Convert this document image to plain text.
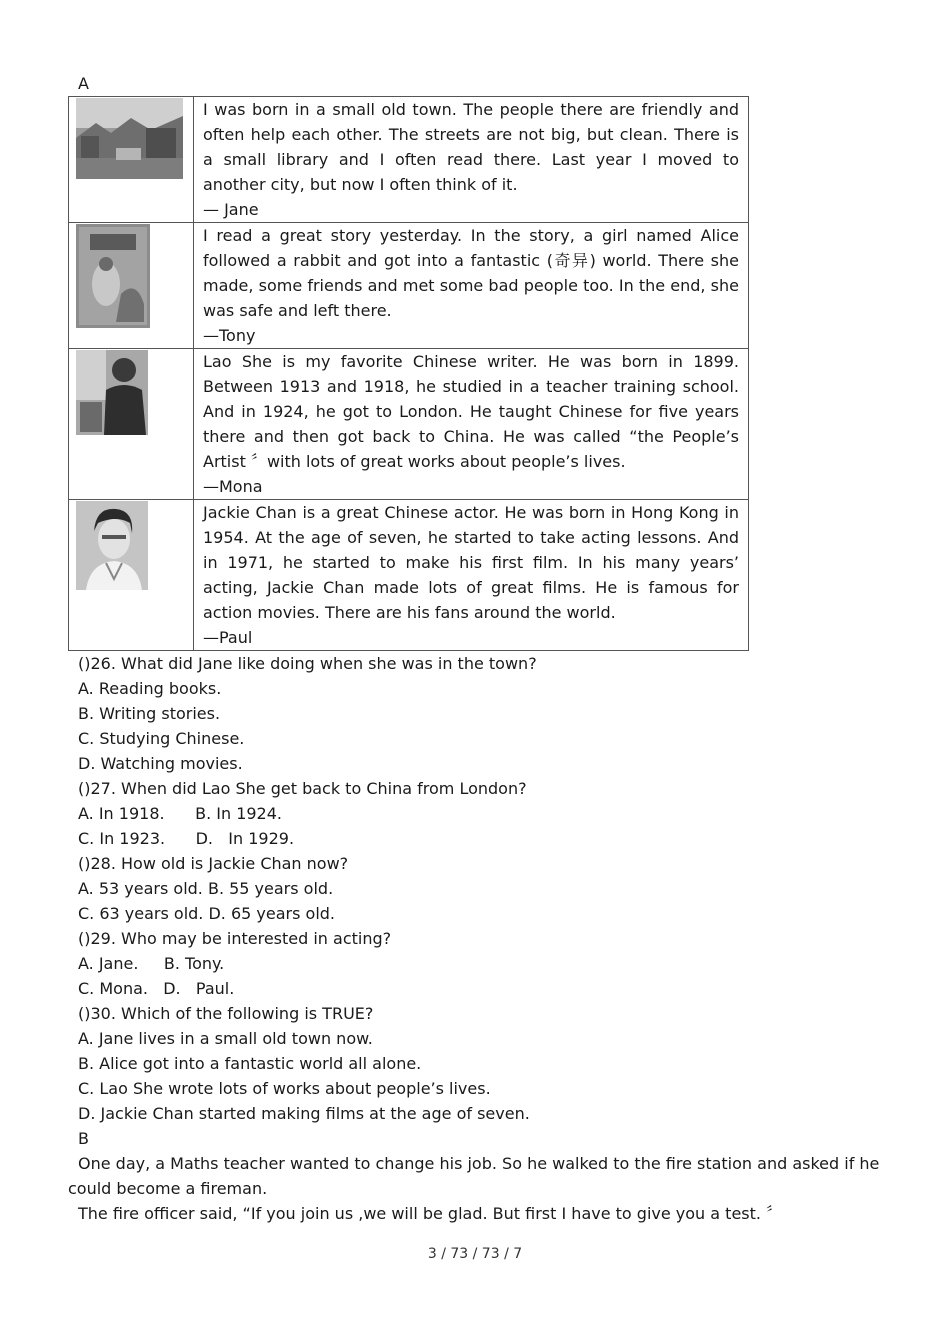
A

I was born in a small old town. The people there are friendly and often help each other. The streets are not big, but clean. There is a small library and I often read there. Last year I moved to another city, but now I often think of it.

— Jane

I read a great story yesterday. In the story, a girl named Alice followed a rabbit and got into a fantastic (奇异) world. There she made, some friends and met some bad people too. In the end, she was safe and left there.

—Tony

Lao She is my favorite Chinese writer. He was born in 1899. Between 1913 and 1918, he studied in a teacher training school. And in 1924, he got to London. He taught Chinese for five years there and then got back to China. He was called “the People’s Artist 〞with lots of great works about people’s lives.

—Mona

Jackie Chan is a great Chinese actor. He was born in Hong Kong in 1954. At the age of seven, he started to take acting lessons. And in 1971, he started to make his first film. In his many years’ acting, Jackie Chan made lots of great films. He is famous for action movies. There are his fans around the world.

—Paul

()26. What did Jane like doing when she was in the town?
A. Reading books.
B. Writing stories.
C. Studying Chinese.
D. Watching movies.
()27. When did Lao She get back to China from London?
A. In 1918.      B. In 1924.
C. In 1923.      D.   In 1929.
()28. How old is Jackie Chan now?
A. 53 years old. B. 55 years old.
C. 63 years old. D. 65 years old.
()29. Who may be interested in acting?
A. Jane.     B. Tony.
C. Mona.   D.   Paul.
()30. Which of the following is TRUE?
A. Jane lives in a small old town now.
B. Alice got into a fantastic world all alone.
C. Lao She wrote lots of works about people’s lives.
D. Jackie Chan started making films at the age of seven.
B

One day, a Maths teacher wanted to change his job. So he walked to the fire station and asked if he could become a fireman.

The fire officer said, “If you join us ,we will be glad. But first I have to give you a test. 〞

3 / 73 / 73 / 7
